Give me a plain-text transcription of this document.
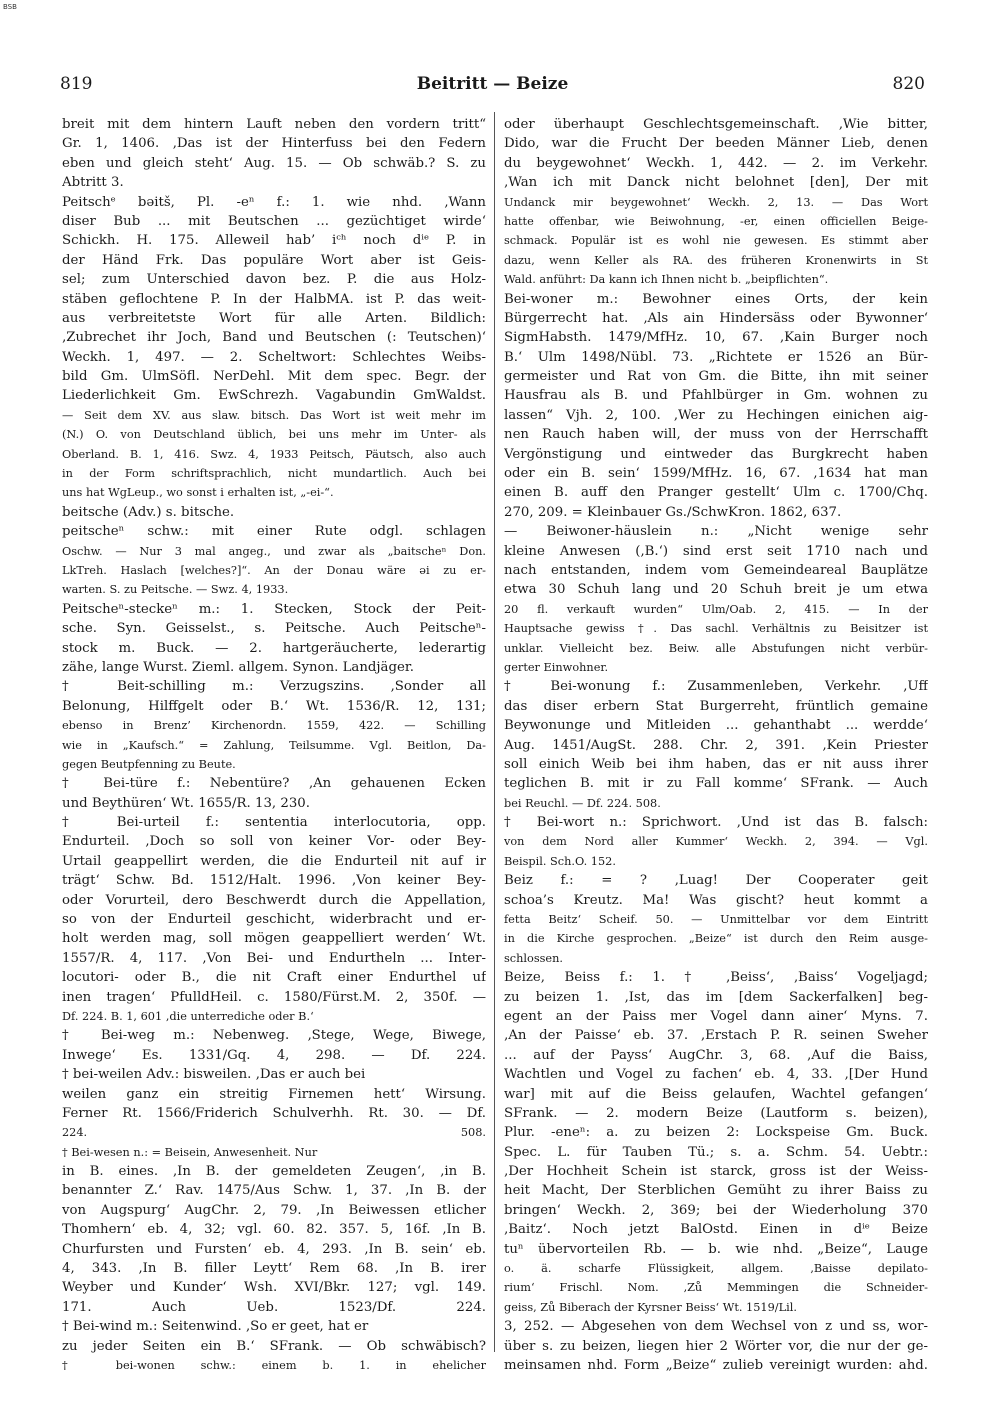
BSB
819	Beitritt — Beize	820
breit mit dem hintern Lauft neben den vordern tritt“
Gr. 1, 1406. ‚Das ist der Hinterfuss bei den Federn
eben und gleich steht‘ Aug. 15. — Ob schwäb.? S. zu
Abtritt 3.
Peitschᵉ bəitš, Pl. -eⁿ f.: 1. wie nhd. ‚Wann
diser Bub ... mit Beutschen ... gezüchtiget wirde‘
Schickh. H. 175. Alleweil hab’ iᶜʰ noch dⁱᵉ P. in
der Händ Frk. Das populäre Wort aber ist Geis-
sel; zum Unterschied davon bez. P. die aus Holz-
stäben geflochtene P. In der HalbMA. ist P. das weit-
aus verbreitetste Wort für alle Arten. Bildlich:
‚Zubrechet ihr Joch, Band und Beutschen (: Teutschen)‘
Weckh. 1, 497. — 2. Scheltwort: Schlechtes Weibs-
bild Gm. UlmSöfl. NerDehl. Mit dem spec. Begr. der
Liederlichkeit Gm. EwSchrezh. Vagabundin GmWaldst.
— Seit dem XV. aus slaw. bitsch. Das Wort ist weit mehr im
(N.) O. von Deutschland üblich, bei uns mehr im Unter- als
Oberland. B. 1, 416. Swz. 4, 1933 Peitsch, Päutsch, also auch
in der Form schriftsprachlich, nicht mundartlich. Auch bei
uns hat WgLeup., wo sonst i erhalten ist, „-ei-“.
beitsche (Adv.) s. bitsche.
peitscheⁿ schw.: mit einer Rute odgl. schlagen
Oschw. — Nur 3 mal angeg., und zwar als „baitscheⁿ Don.
LkTreh. Haslach [welches?]“. An der Donau wäre əi zu er-
warten. S. zu Peitsche. — Swz. 4, 1933.
Peitscheⁿ-steckeⁿ m.: 1. Stecken, Stock der Peit-
sche. Syn. Geisselst., s. Peitsche. Auch Peitscheⁿ-
stock m. Buck. — 2. hartgeräucherte, lederartig
zähe, lange Wurst. Zieml. allgem. Synon. Landjäger.
† Beit-schilling m.: Verzugszins. ‚Sonder all
Belonung, Hilffgelt oder B.‘ Wt. 1536/R. 12, 131;
ebenso in Brenz’ Kirchenordn. 1559, 422. — Schilling
wie in „Kaufsch.“ = Zahlung, Teilsumme. Vgl. Beitlon, Da-
gegen Beutpfenning zu Beute.
† Bei-türe f.: Nebentüre? ‚An gehauenen Ecken
und Beythüren‘ Wt. 1655/R. 13, 230.
† Bei-urteil f.: sententia interlocutoria, opp.
Endurteil. ‚Doch so soll von keiner Vor- oder Bey-
Urtail geappellirt werden, die die Endurteil nit auf ir
trägt‘ Schw. Bd. 1512/Halt. 1996. ‚Von keiner Bey-
oder Vorurteil, dero Beschwerdt durch die Appellation,
so von der Endurteil geschicht, widerbracht und er-
holt werden mag, soll mögen geappelliert werden‘ Wt.
1557/R. 4, 117. ‚Von Bei- und Endurtheln ... Inter-
locutori- oder B., die nit Craft einer Endurthel uf
inen tragen‘ PfulldHeil. c. 1580/Fürst.M. 2, 350f. —
Df. 224. B. 1, 601 ‚die unterrediche oder B.‘
† Bei-weg m.: Nebenweg. ‚Stege, Wege, Biwege,
Inwege‘ Es. 1331/Gq. 4, 298. — Df. 224.
† bei-weilen Adv.: bisweilen. ‚Das er auch bei
weilen ganz ein streitig Firnemen hett‘ Wirsung.
Ferner Rt. 1566/Friderich Schulverhh. Rt. 30. — Df.
224. 508.
† Bei-wesen n.: = Beisein, Anwesenheit. Nur
in B. eines. ‚In B. der gemeldeten Zeugen‘, ‚in B.
benannter Z.‘ Rav. 1475/Aus Schw. 1, 37. ‚In B. der
von Augspurg‘ AugChr. 2, 79. ‚In Beiwessen etlicher
Thomhern‘ eb. 4, 32; vgl. 60. 82. 357. 5, 16f. ‚In B.
Churfursten und Fursten‘ eb. 4, 293. ‚In B. sein‘ eb.
4, 343. ‚In B. filler Leytt‘ Rem 68. ‚In B. irer
Weyber und Kunder‘ Wsh. XVI/Bkr. 127; vgl. 149.
171. Auch Ueb. 1523/Df. 224.
† Bei-wind m.: Seitenwind. ‚So er geet, hat er
zu jeder Seiten ein B.‘ SFrank. — Ob schwäbisch?
† bei-wonen schw.: einem b. 1. in ehelicher
oder überhaupt Geschlechtsgemeinschaft. ‚Wie bitter,
Dido, war die Frucht Der beeden Männer Lieb, denen
du beygewohnet‘ Weckh. 1, 442. — 2. im Verkehr.
‚Wan ich mit Danck nicht belohnet [den], Der mit
Undanck mir beygewohnet‘ Weckh. 2, 13. — Das Wort
hatte offenbar, wie Beiwohnung, -er, einen officiellen Beige-
schmack. Populär ist es wohl nie gewesen. Es stimmt aber
dazu, wenn Keller als RA. des früheren Kronenwirts in St
Wald. anführt: Da kann ich Ihnen nicht b. „beipflichten“.
Bei-woner m.: Bewohner eines Orts, der kein
Bürgerrecht hat. ‚Als ain Hindersäss oder Bywonner‘
SigmHabsth. 1479/MfHz. 10, 67. ‚Kain Burger noch
B.‘ Ulm 1498/Nübl. 73. „Richtete er 1526 an Bür-
germeister und Rat von Gm. die Bitte, ihn mit seiner
Hausfrau als B. und Pfahlbürger in Gm. wohnen zu
lassen“ Vjh. 2, 100. ‚Wer zu Hechingen einichen aig-
nen Rauch haben will, der muss von der Herrschafft
Vergönstigung und eintweder das Burgkrecht haben
oder ein B. sein‘ 1599/MfHz. 16, 67. ‚1634 hat man
einen B. auff den Pranger gestellt‘ Ulm c. 1700/Chq.
270, 209. = Kleinbauer Gs./SchwKron. 1862, 637.
— Beiwoner-häuslein n.: „Nicht wenige sehr
kleine Anwesen (‚B.‘) sind erst seit 1710 nach und
nach entstanden, indem vom Gemeindeareal Bauplätze
etwa 30 Schuh lang und 20 Schuh breit je um etwa
20 fl. verkauft wurden“ Ulm/Oab. 2, 415. — In der
Hauptsache gewiss †. Das sachl. Verhältnis zu Beisitzer ist
unklar. Vielleicht bez. Beiw. alle Abstufungen nicht verbür-
gerter Einwohner.
† Bei-wonung f.: Zusammenleben, Verkehr. ‚Uff
das diser erbern Stat Burgerreht, früntlich gemaine
Beywonunge und Mitleiden ... gehanthabt ... werdde‘
Aug. 1451/AugSt. 288. Chr. 2, 391. ‚Kein Priester
soll einich Weib bei ihm haben, das er nit auss ihrer
teglichen B. mit ir zu Fall komme‘ SFrank. — Auch
bei Reuchl. — Df. 224. 508.
† Bei-wort n.: Sprichwort. ‚Und ist das B. falsch:
von dem Nord aller Kummer‘ Weckh. 2, 394. — Vgl.
Beispil. Sch.O. 152.
Beiz f.: = ? ‚Luag! Der Cooperater geit
schoa’s Kreutz. Ma! Was gischt? heut kommt a
fetta Beitz‘ Scheif. 50. — Unmittelbar vor dem Eintritt
in die Kirche gesprochen. „Beize“ ist durch den Reim ausge-
schlossen.
Beize, Beiss f.: 1. † ‚Beiss‘, ‚Baiss‘ Vogeljagd;
zu beizen 1. ‚Ist, das im [dem Sackerfalken] beg-
egent an der Paiss mer Vogel dann ainer‘ Myns. 7.
‚An der Paisse‘ eb. 37. ‚Erstach P. R. seinen Sweher
... auf der Payss‘ AugChr. 3, 68. ‚Auf die Baiss,
Wachtlen und Vogel zu fachen‘ eb. 4, 33. ‚[Der Hund
war] mit auf die Beiss gelaufen, Wachtel gefangen‘
SFrank. — 2. modern Beize (Lautform s. beizen),
Plur. -eneⁿ: a. zu beizen 2: Lockspeise Gm. Buck.
Spec. L. für Tauben Tü.; s. a. Schm. 54. Uebtr.:
‚Der Hochheit Schein ist starck, gross ist der Weiss-
heit Macht, Der Sterblichen Gemüht zu ihrer Baiss zu
bringen‘ Weckh. 2, 369; bei der Wiederholung 370
‚Baitz‘. Noch jetzt BalOstd. Einen in dⁱᵉ Beize
tuⁿ übervorteilen Rb. — b. wie nhd. „Beize“, Lauge
o. ä. scharfe Flüssigkeit, allgem. ‚Baisse depilato-
rium‘ Frischl. Nom. ‚Zů Memmingen die Schneider-
geiss, Zů Biberach der Kyrsner Beiss‘ Wt. 1519/Lil.
3, 252. — Abgesehen von dem Wechsel von z und ss, wor-
über s. zu beizen, liegen hier 2 Wörter vor, die nur der ge-
meinsamen nhd. Form „Beize“ zulieb vereinigt wurden: ahd.
